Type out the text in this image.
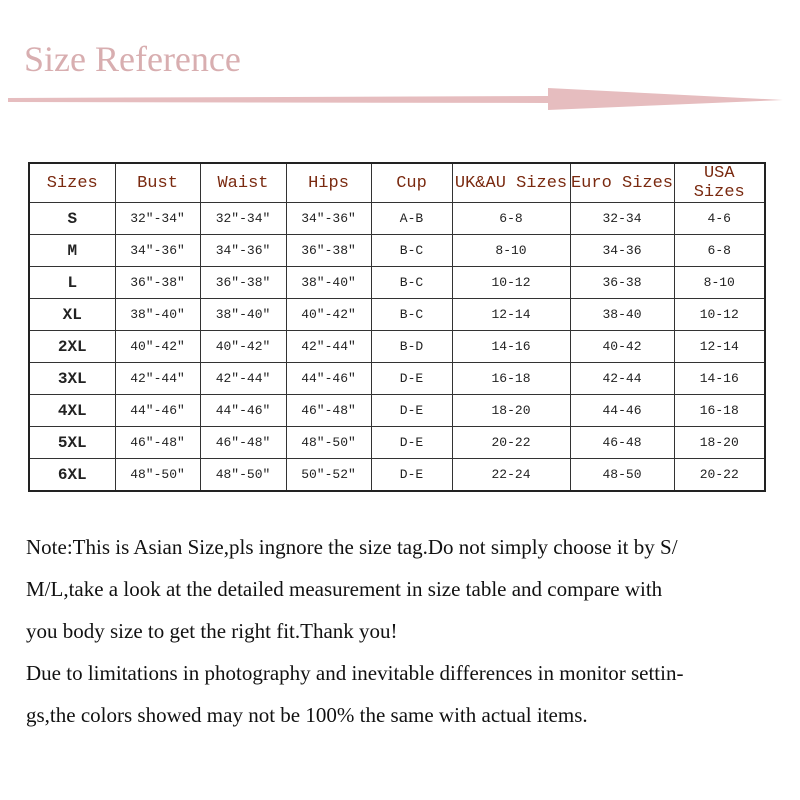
Size Reference
Sizes	Bust	Waist	Hips	Cup	UK&AU Sizes	Euro Sizes	USA Sizes
S	32″-34″	32″-34″	34″-36″	A-B	6-8	32-34	4-6
M	34″-36″	34″-36″	36″-38″	B-C	8-10	34-36	6-8
L	36″-38″	36″-38″	38″-40″	B-C	10-12	36-38	8-10
XL	38″-40″	38″-40″	40″-42″	B-C	12-14	38-40	10-12
2XL	40″-42″	40″-42″	42″-44″	B-D	14-16	40-42	12-14
3XL	42″-44″	42″-44″	44″-46″	D-E	16-18	42-44	14-16
4XL	44″-46″	44″-46″	46″-48″	D-E	18-20	44-46	16-18
5XL	46″-48″	46″-48″	48″-50″	D-E	20-22	46-48	18-20
6XL	48″-50″	48″-50″	50″-52″	D-E	22-24	48-50	20-22

Note:This is Asian Size,pls ingnore the size tag.Do not simply choose it by S/

M/L,take a look at the detailed measurement in size table and compare with

you body size to get the right fit.Thank you!

Due to limitations in photography and inevitable differences in monitor settin-

gs,the colors showed may not be 100% the same with actual items.
